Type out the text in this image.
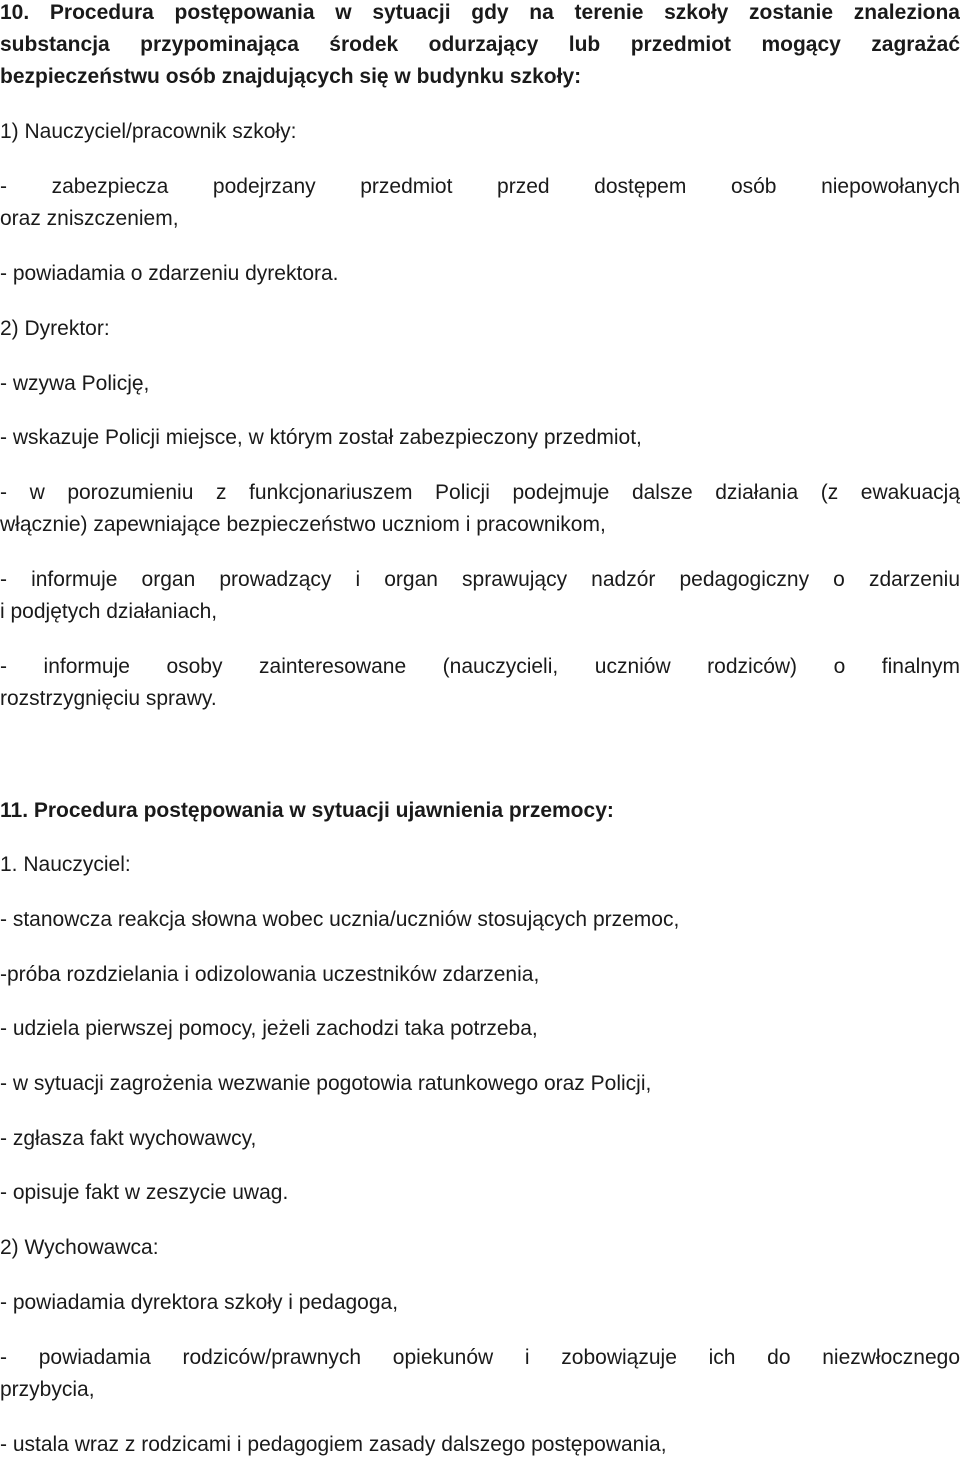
10. Procedura postępowania w sytuacji gdy na terenie szkoły zostanie znaleziona
substancja przypominająca środek odurzający lub przedmiot mogący zagrażać
bezpieczeństwu osób znajdujących się w budynku szkoły:
1) Nauczyciel/pracownik szkoły:
- zabezpiecza podejrzany przedmiot przed dostępem osób niepowołanych
oraz zniszczeniem,
- powiadamia o zdarzeniu dyrektora.
2) Dyrektor:
- wzywa Policję,
- wskazuje Policji miejsce, w którym został zabezpieczony przedmiot,
- w porozumieniu z funkcjonariuszem Policji podejmuje dalsze działania (z ewakuacją
włącznie) zapewniające bezpieczeństwo uczniom i pracownikom,
- informuje organ prowadzący i organ sprawujący nadzór pedagogiczny o zdarzeniu
i podjętych działaniach,
- informuje osoby zainteresowane (nauczycieli, uczniów rodziców) o finalnym
rozstrzygnięciu sprawy.
11. Procedura postępowania w sytuacji ujawnienia przemocy:
1. Nauczyciel:
- stanowcza reakcja słowna wobec ucznia/uczniów stosujących przemoc,
-próba rozdzielania i odizolowania uczestników zdarzenia,
- udziela pierwszej pomocy, jeżeli zachodzi taka potrzeba,
- w sytuacji zagrożenia wezwanie pogotowia ratunkowego oraz Policji,
- zgłasza fakt wychowawcy,
- opisuje fakt w zeszycie uwag.
2) Wychowawca:
- powiadamia dyrektora szkoły i pedagoga,
- powiadamia rodziców/prawnych opiekunów i zobowiązuje ich do niezwłocznego
przybycia,
- ustala wraz z rodzicami i pedagogiem zasady dalszego postępowania,
